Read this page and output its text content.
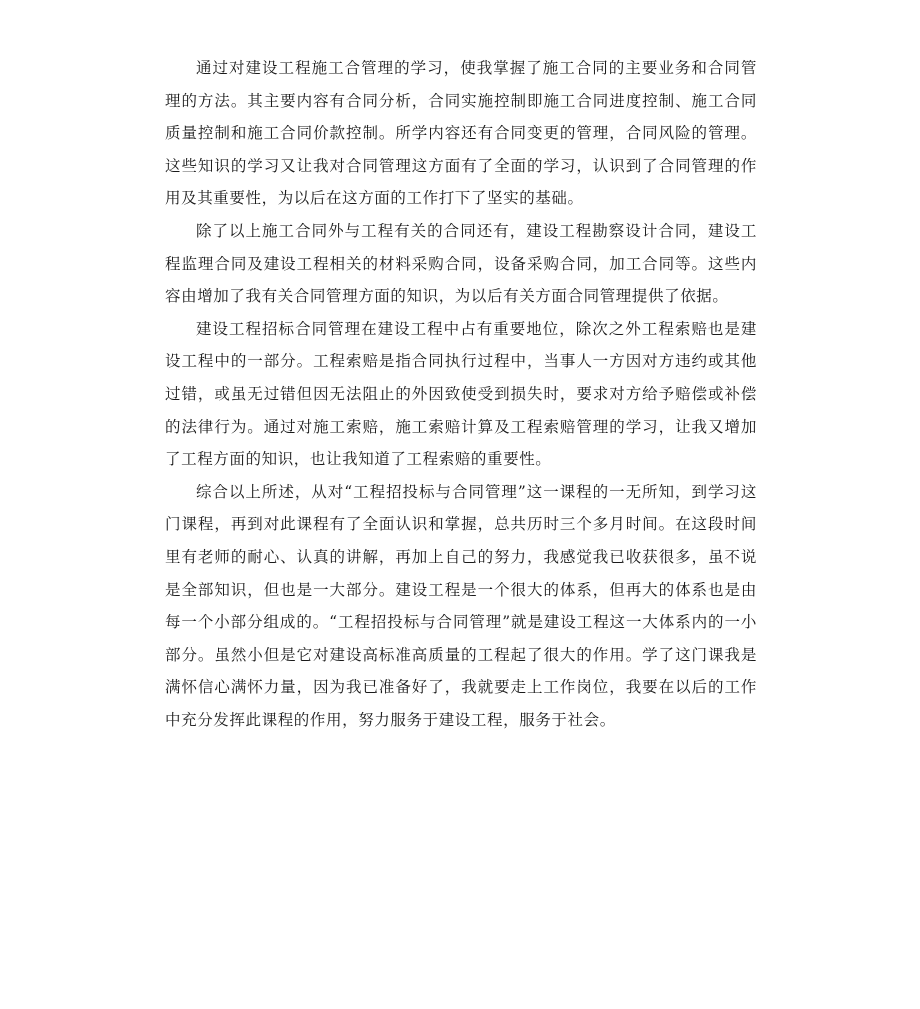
通过对建设工程施工合管理的学习，使我掌握了施工合同的主要业务和合同管理的方法。其主要内容有合同分析，合同实施控制即施工合同进度控制、施工合同质量控制和施工合同价款控制。所学内容还有合同变更的管理，合同风险的管理。这些知识的学习又让我对合同管理这方面有了全面的学习，认识到了合同管理的作用及其重要性，为以后在这方面的工作打下了坚实的基础。

除了以上施工合同外与工程有关的合同还有，建设工程勘察设计合同，建设工程监理合同及建设工程相关的材料采购合同，设备采购合同，加工合同等。这些内容由增加了我有关合同管理方面的知识，为以后有关方面合同管理提供了依据。

建设工程招标合同管理在建设工程中占有重要地位，除次之外工程索赔也是建设工程中的一部分。工程索赔是指合同执行过程中，当事人一方因对方违约或其他过错，或虽无过错但因无法阻止的外因致使受到损失时，要求对方给予赔偿或补偿的法律行为。通过对施工索赔，施工索赔计算及工程索赔管理的学习，让我又增加了工程方面的知识，也让我知道了工程索赔的重要性。

综合以上所述，从对“工程招投标与合同管理”这一课程的一无所知，到学习这门课程，再到对此课程有了全面认识和掌握，总共历时三个多月时间。在这段时间里有老师的耐心、认真的讲解，再加上自己的努力，我感觉我已收获很多，虽不说是全部知识，但也是一大部分。建设工程是一个很大的体系，但再大的体系也是由每一个小部分组成的。“工程招投标与合同管理”就是建设工程这一大体系内的一小部分。虽然小但是它对建设高标准高质量的工程起了很大的作用。学了这门课我是满怀信心满怀力量，因为我已准备好了，我就要走上工作岗位，我要在以后的工作中充分发挥此课程的作用，努力服务于建设工程，服务于社会。
